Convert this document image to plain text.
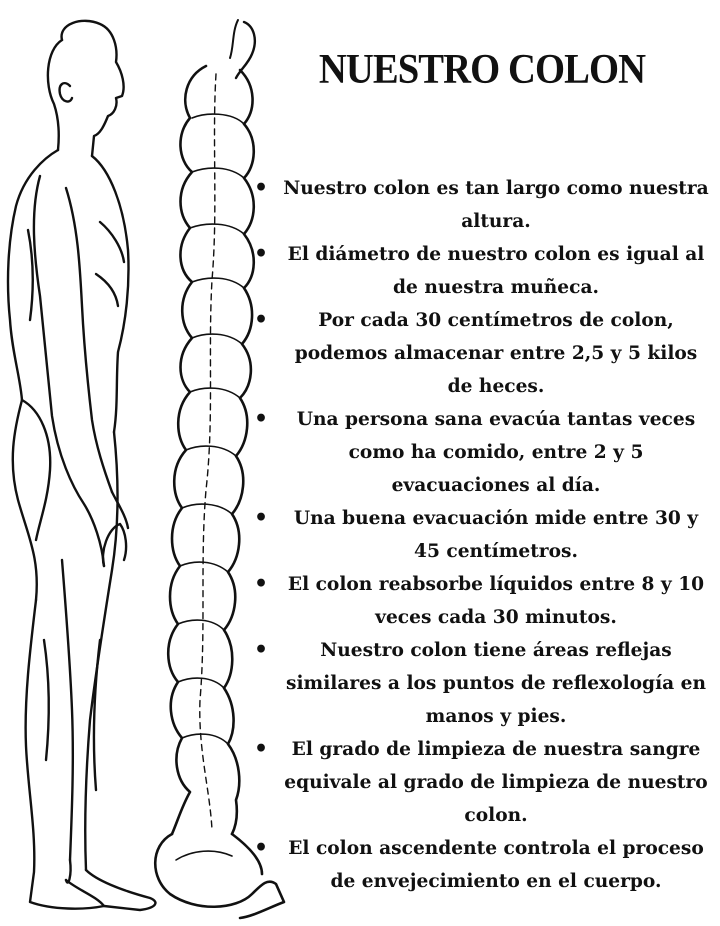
NUESTRO COLON
• Nuestro colon es tan largo como nuestra altura.
• El diámetro de nuestro colon es igual al de nuestra muñeca.
• Por cada 30 centímetros de colon, podemos almacenar entre 2,5 y 5 kilos de heces.
• Una persona sana evacúa tantas veces como ha comido, entre 2 y 5 evacuaciones al día.
• Una buena evacuación mide entre 30 y 45 centímetros.
• El colon reabsorbe líquidos entre 8 y 10 veces cada 30 minutos.
• Nuestro colon tiene áreas reflejas similares a los puntos de reflexología en manos y pies.
• El grado de limpieza de nuestra sangre equivale al grado de limpieza de nuestro colon.
• El colon ascendente controla el proceso de envejecimiento en el cuerpo.
